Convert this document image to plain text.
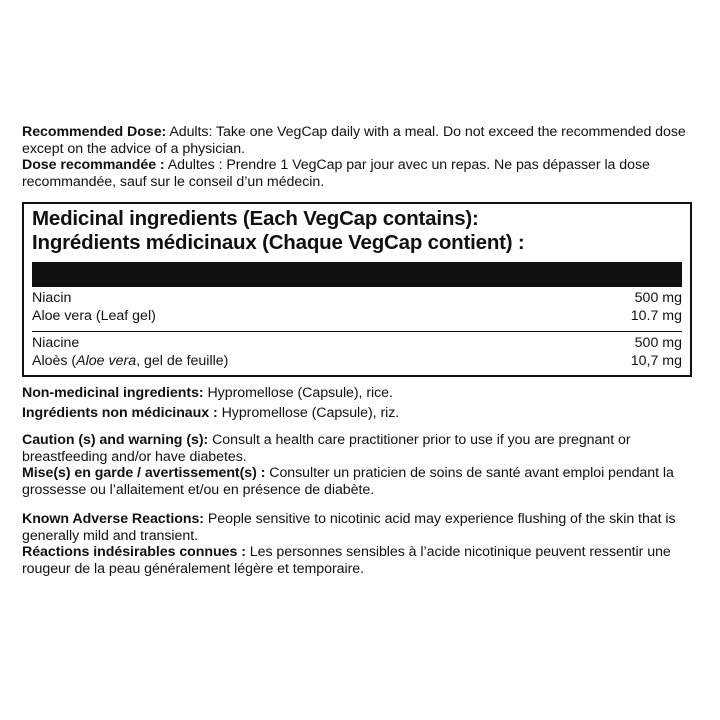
Recommended Dose: Adults: Take one VegCap daily with a meal. Do not exceed the recommended dose except on the advice of a physician.

Dose recommandée : Adultes : Prendre 1 VegCap par jour avec un repas. Ne pas dépasser la dose recommandée, sauf sur le conseil d’un médecin.

Medicinal ingredients (Each VegCap contains):
Ingrédients médicinaux (Chaque VegCap contient) :
Niacin	500 mg
Aloe vera (Leaf gel)	10.7 mg
Niacine	500 mg
Aloès (Aloe vera, gel de feuille)	10,7 mg

Non-medicinal ingredients: Hypromellose (Capsule), rice.

Ingrédients non médicinaux : Hypromellose (Capsule), riz.

Caution (s) and warning (s): Consult a health care practitioner prior to use if you are pregnant or breastfeeding and/or have diabetes.

Mise(s) en garde / avertissement(s) : Consulter un praticien de soins de santé avant emploi pendant la grossesse ou l’allaitement et/ou en présence de diabète.

Known Adverse Reactions: People sensitive to nicotinic acid may experience flushing of the skin that is generally mild and transient.

Réactions indésirables connues : Les personnes sensibles à l’acide nicotinique peuvent ressentir une rougeur de la peau généralement légère et temporaire.
